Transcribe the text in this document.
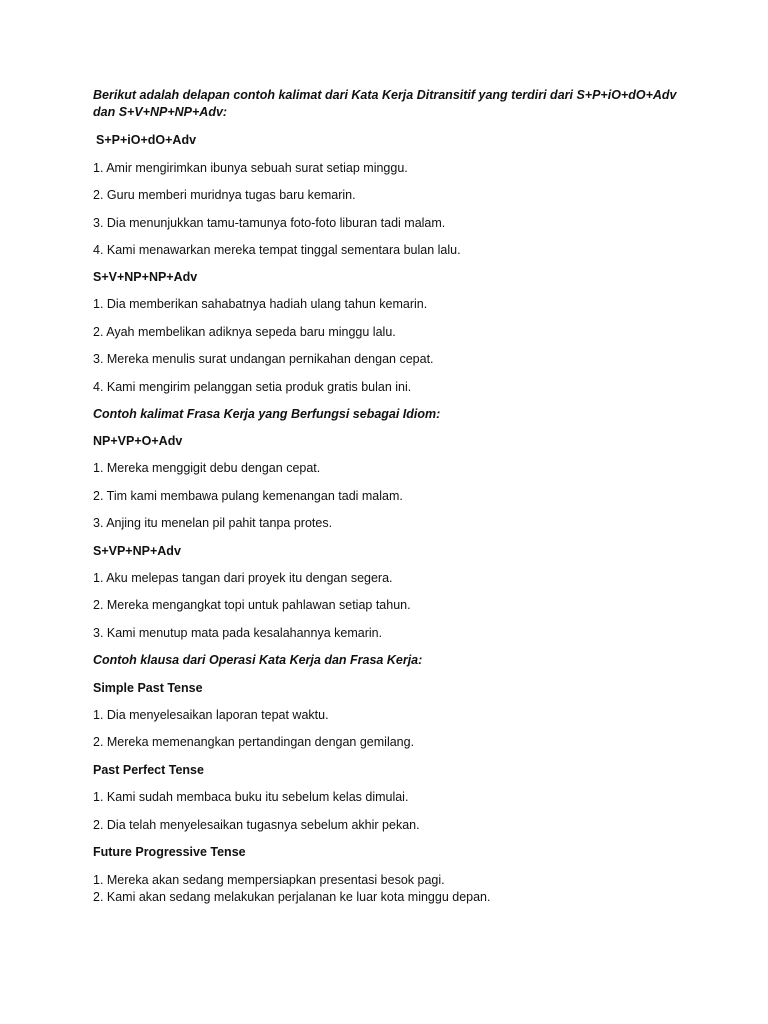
Berikut adalah delapan contoh kalimat dari Kata Kerja Ditransitif yang terdiri dari S+P+iO+dO+Adv dan S+V+NP+NP+Adv:
S+P+iO+dO+Adv
1. Amir mengirimkan ibunya sebuah surat setiap minggu.
2. Guru memberi muridnya tugas baru kemarin.
3. Dia menunjukkan tamu-tamunya foto-foto liburan tadi malam.
4. Kami menawarkan mereka tempat tinggal sementara bulan lalu.
S+V+NP+NP+Adv
1. Dia memberikan sahabatnya hadiah ulang tahun kemarin.
2. Ayah membelikan adiknya sepeda baru minggu lalu.
3. Mereka menulis surat undangan pernikahan dengan cepat.
4. Kami mengirim pelanggan setia produk gratis bulan ini.
Contoh kalimat Frasa Kerja yang Berfungsi sebagai Idiom:
NP+VP+O+Adv
1. Mereka menggigit debu dengan cepat.
2. Tim kami membawa pulang kemenangan tadi malam.
3. Anjing itu menelan pil pahit tanpa protes.
S+VP+NP+Adv
1. Aku melepas tangan dari proyek itu dengan segera.
2. Mereka mengangkat topi untuk pahlawan setiap tahun.
3. Kami menutup mata pada kesalahannya kemarin.
Contoh klausa dari Operasi Kata Kerja dan Frasa Kerja:
Simple Past Tense
1. Dia menyelesaikan laporan tepat waktu.
2. Mereka memenangkan pertandingan dengan gemilang.
Past Perfect Tense
1. Kami sudah membaca buku itu sebelum kelas dimulai.
2. Dia telah menyelesaikan tugasnya sebelum akhir pekan.
Future Progressive Tense
1. Mereka akan sedang mempersiapkan presentasi besok pagi.
2. Kami akan sedang melakukan perjalanan ke luar kota minggu depan.
